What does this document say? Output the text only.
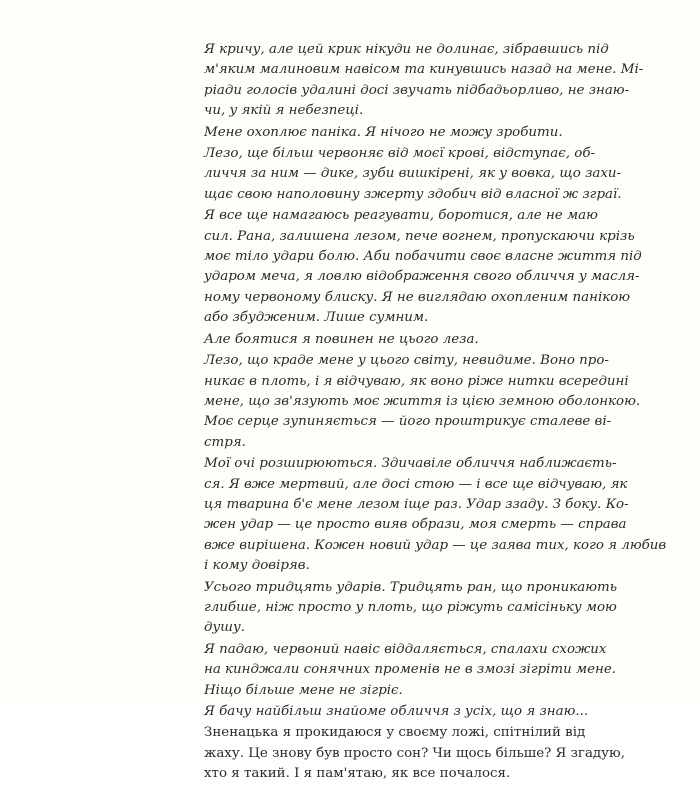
Я кричу, але цей крик нікуди не долинає, зібравшись під
м'яким малиновим навісом та кинувшись назад на мене. Мі-
ріади голосів удалині досі звучать підбадьорливо, не знаю-
чи, у якій я небезпеці.
Мене охоплює паніка. Я нічого не можу зробити.
Лезо, ще більш червоняє від моєї крові, відступає, об-
личчя за ним — дике, зуби вишкірені, як у вовка, що захи-
щає свою наполовину зжерту здобич від власної ж зграї.
Я все ще намагаюсь реагувати, боротися, але не маю
сил. Рана, залишена лезом, пече вогнем, пропускаючи крізь
моє тіло удари болю. Аби побачити своє власне життя під
ударом меча, я ловлю відображення свого обличчя у масля-
ному червоному блиску. Я не виглядаю охопленим панікою
або збудженим. Лише сумним.
Але боятися я повинен не цього леза.
Лезо, що краде мене у цього світу, невидиме. Воно про-
никає в плоть, і я відчуваю, як воно ріже нитки всередині
мене, що зв'язують моє життя із цією земною оболонкою.
Моє серце зупиняється — його проштрикує сталеве ві-
стря.
Мої очі розширюються. Здичавіле обличчя наближаєть-
ся. Я вже мертвий, але досі стою — і все ще відчуваю, як
ця тварина б'є мене лезом іще раз. Удар ззаду. З боку. Ко-
жен удар — це просто вияв образи, моя смерть — справа
вже вирішена. Кожен новий удар — це заява тих, кого я любив
і кому довіряв.
Усього тридцять ударів. Тридцять ран, що проникають
глибше, ніж просто у плоть, що ріжуть самісіньку мою
душу.
Я падаю, червоний навіс віддаляється, спалахи схожих
на кинджали сонячних променів не в змозі зігріти мене.
Ніщо більше мене не зігріє.
Я бачу найбільш знайоме обличчя з усіх, що я знаю...
Зненацька я прокидаюся у своєму ложі, спітнілий від
жаху. Це знову був просто сон? Чи щось більше? Я згадую,
хто я такий. І я пам'ятаю, як все почалося.
